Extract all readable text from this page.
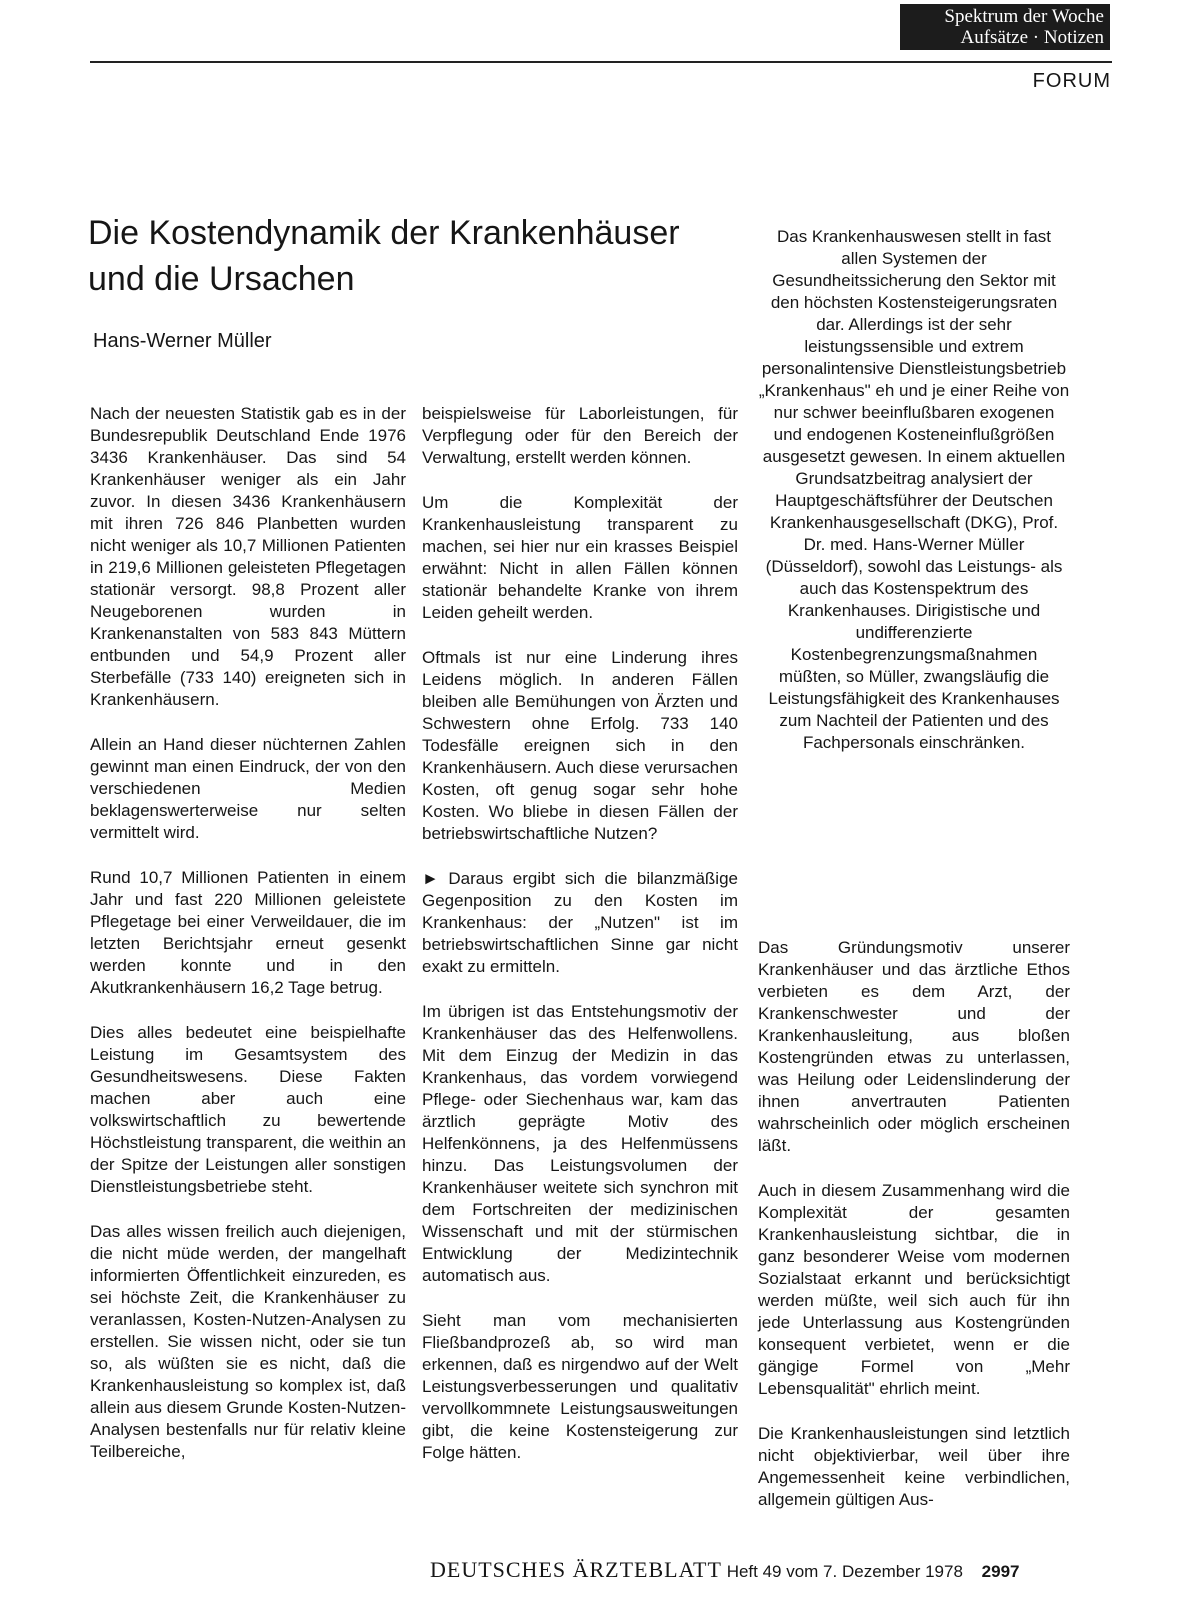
Spektrum der Woche
Aufsätze · Notizen
FORUM
Die Kostendynamik der Krankenhäuser
und die Ursachen
Hans-Werner Müller

Nach der neuesten Statistik gab es in der Bundesrepublik Deutschland Ende 1976 3436 Krankenhäuser. Das sind 54 Krankenhäuser weniger als ein Jahr zuvor. In diesen 3436 Krankenhäusern mit ihren 726 846 Planbetten wurden nicht weniger als 10,7 Millionen Patienten in 219,6 Millionen geleisteten Pflegetagen stationär versorgt. 98,8 Prozent aller Neugeborenen wurden in Krankenanstalten von 583 843 Müttern entbunden und 54,9 Prozent aller Sterbefälle (733 140) ereigneten sich in Krankenhäusern.

Allein an Hand dieser nüchternen Zahlen gewinnt man einen Eindruck, der von den verschiedenen Medien beklagenswerterweise nur selten vermittelt wird.

Rund 10,7 Millionen Patienten in einem Jahr und fast 220 Millionen geleistete Pflegetage bei einer Verweildauer, die im letzten Berichtsjahr erneut gesenkt werden konnte und in den Akutkrankenhäusern 16,2 Tage betrug.

Dies alles bedeutet eine beispielhafte Leistung im Gesamtsystem des Gesundheitswesens. Diese Fakten machen aber auch eine volkswirtschaftlich zu bewertende Höchstleistung transparent, die weithin an der Spitze der Leistungen aller sonstigen Dienstleistungsbetriebe steht.

Das alles wissen freilich auch diejenigen, die nicht müde werden, der mangelhaft informierten Öffentlichkeit einzureden, es sei höchste Zeit, die Krankenhäuser zu veranlassen, Kosten-Nutzen-Analysen zu erstellen. Sie wissen nicht, oder sie tun so, als wüßten sie es nicht, daß die Krankenhausleistung so komplex ist, daß allein aus diesem Grunde Kosten-Nutzen-Analysen bestenfalls nur für relativ kleine Teilbereiche,

beispielsweise für Laborleistungen, für Verpflegung oder für den Bereich der Verwaltung, erstellt werden können.

Um die Komplexität der Krankenhausleistung transparent zu machen, sei hier nur ein krasses Beispiel erwähnt: Nicht in allen Fällen können stationär behandelte Kranke von ihrem Leiden geheilt werden.

Oftmals ist nur eine Linderung ihres Leidens möglich. In anderen Fällen bleiben alle Bemühungen von Ärzten und Schwestern ohne Erfolg. 733 140 Todesfälle ereignen sich in den Krankenhäusern. Auch diese verursachen Kosten, oft genug sogar sehr hohe Kosten. Wo bliebe in diesen Fällen der betriebswirtschaftliche Nutzen?

► Daraus ergibt sich die bilanzmäßige Gegenposition zu den Kosten im Krankenhaus: der „Nutzen" ist im betriebswirtschaftlichen Sinne gar nicht exakt zu ermitteln.

Im übrigen ist das Entstehungsmotiv der Krankenhäuser das des Helfenwollens. Mit dem Einzug der Medizin in das Krankenhaus, das vordem vorwiegend Pflege- oder Siechenhaus war, kam das ärztlich geprägte Motiv des Helfenkönnens, ja des Helfenmüssens hinzu. Das Leistungsvolumen der Krankenhäuser weitete sich synchron mit dem Fortschreiten der medizinischen Wissenschaft und mit der stürmischen Entwicklung der Medizintechnik automatisch aus.

Sieht man vom mechanisierten Fließbandprozeß ab, so wird man erkennen, daß es nirgendwo auf der Welt Leistungsverbesserungen und qualitativ vervollkommnete Leistungsausweitungen gibt, die keine Kostensteigerung zur Folge hätten.

Das Krankenhauswesen stellt in fast allen Systemen der Gesundheitssicherung den Sektor mit den höchsten Kostensteigerungsraten dar. Allerdings ist der sehr leistungssensible und extrem personalintensive Dienstleistungsbetrieb „Krankenhaus" eh und je einer Reihe von nur schwer beeinflußbaren exogenen und endogenen Kosteneinflußgrößen ausgesetzt gewesen. In einem aktuellen Grundsatzbeitrag analysiert der Hauptgeschäftsführer der Deutschen Krankenhausgesellschaft (DKG), Prof. Dr. med. Hans-Werner Müller (Düsseldorf), sowohl das Leistungs- als auch das Kostenspektrum des Krankenhauses. Dirigistische und undifferenzierte Kostenbegrenzungsmaßnahmen müßten, so Müller, zwangsläufig die Leistungsfähigkeit des Krankenhauses zum Nachteil der Patienten und des Fachpersonals einschränken.

Das Gründungsmotiv unserer Krankenhäuser und das ärztliche Ethos verbieten es dem Arzt, der Krankenschwester und der Krankenhausleitung, aus bloßen Kostengründen etwas zu unterlassen, was Heilung oder Leidenslinderung der ihnen anvertrauten Patienten wahrscheinlich oder möglich erscheinen läßt.

Auch in diesem Zusammenhang wird die Komplexität der gesamten Krankenhausleistung sichtbar, die in ganz besonderer Weise vom modernen Sozialstaat erkannt und berücksichtigt werden müßte, weil sich auch für ihn jede Unterlassung aus Kostengründen konsequent verbietet, wenn er die gängige Formel von „Mehr Lebensqualität" ehrlich meint.

Die Krankenhausleistungen sind letztlich nicht objektivierbar, weil über ihre Angemessenheit keine verbindlichen, allgemein gültigen Aus-

DEUTSCHES ÄRZTEBLATT Heft 49 vom 7. Dezember 1978 2997
